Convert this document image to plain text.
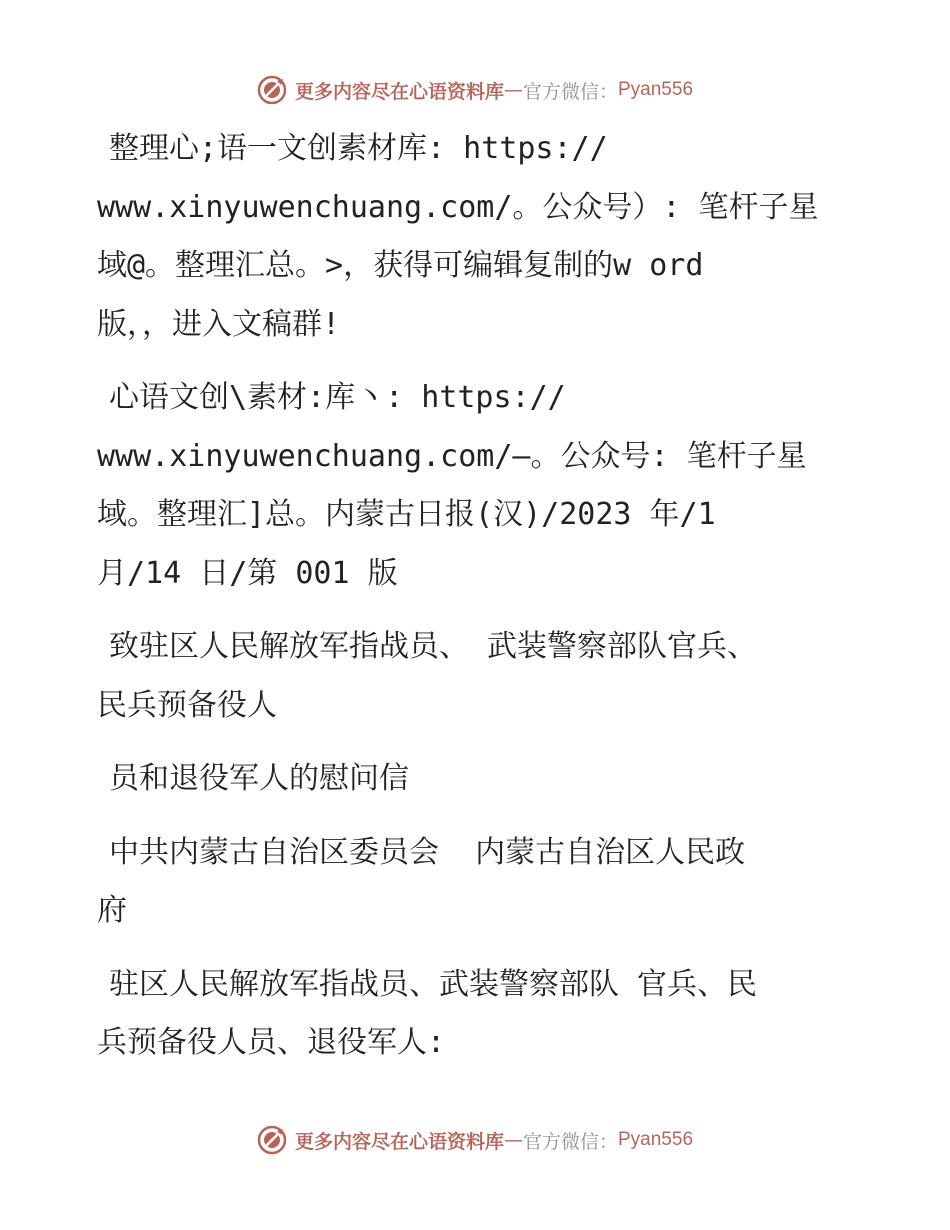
更多内容尽在心语资料库 — 官方微信： Pyan556

整理心;语一文创素材库: https://
www.xinyuwenchuang.com/。公众号）: 笔杆子星
域@。整理汇总。>，获得可编辑复制的w ord
版，，进入文稿群!

心语文创\素材:库丶: https://
www.xinyuwenchuang.com/—。公众号: 笔杆子星
域。整理汇]总。内蒙古日报(汉)/2023 年/1
月/14 日/第 001 版

致驻区人民解放军指战员、 武装警察部队官兵、
民兵预备役人

员和退役军人的慰问信

中共内蒙古自治区委员会  内蒙古自治区人民政
府

驻区人民解放军指战员、武装警察部队 官兵、民
兵预备役人员、退役军人:

更多内容尽在心语资料库 — 官方微信： Pyan556
